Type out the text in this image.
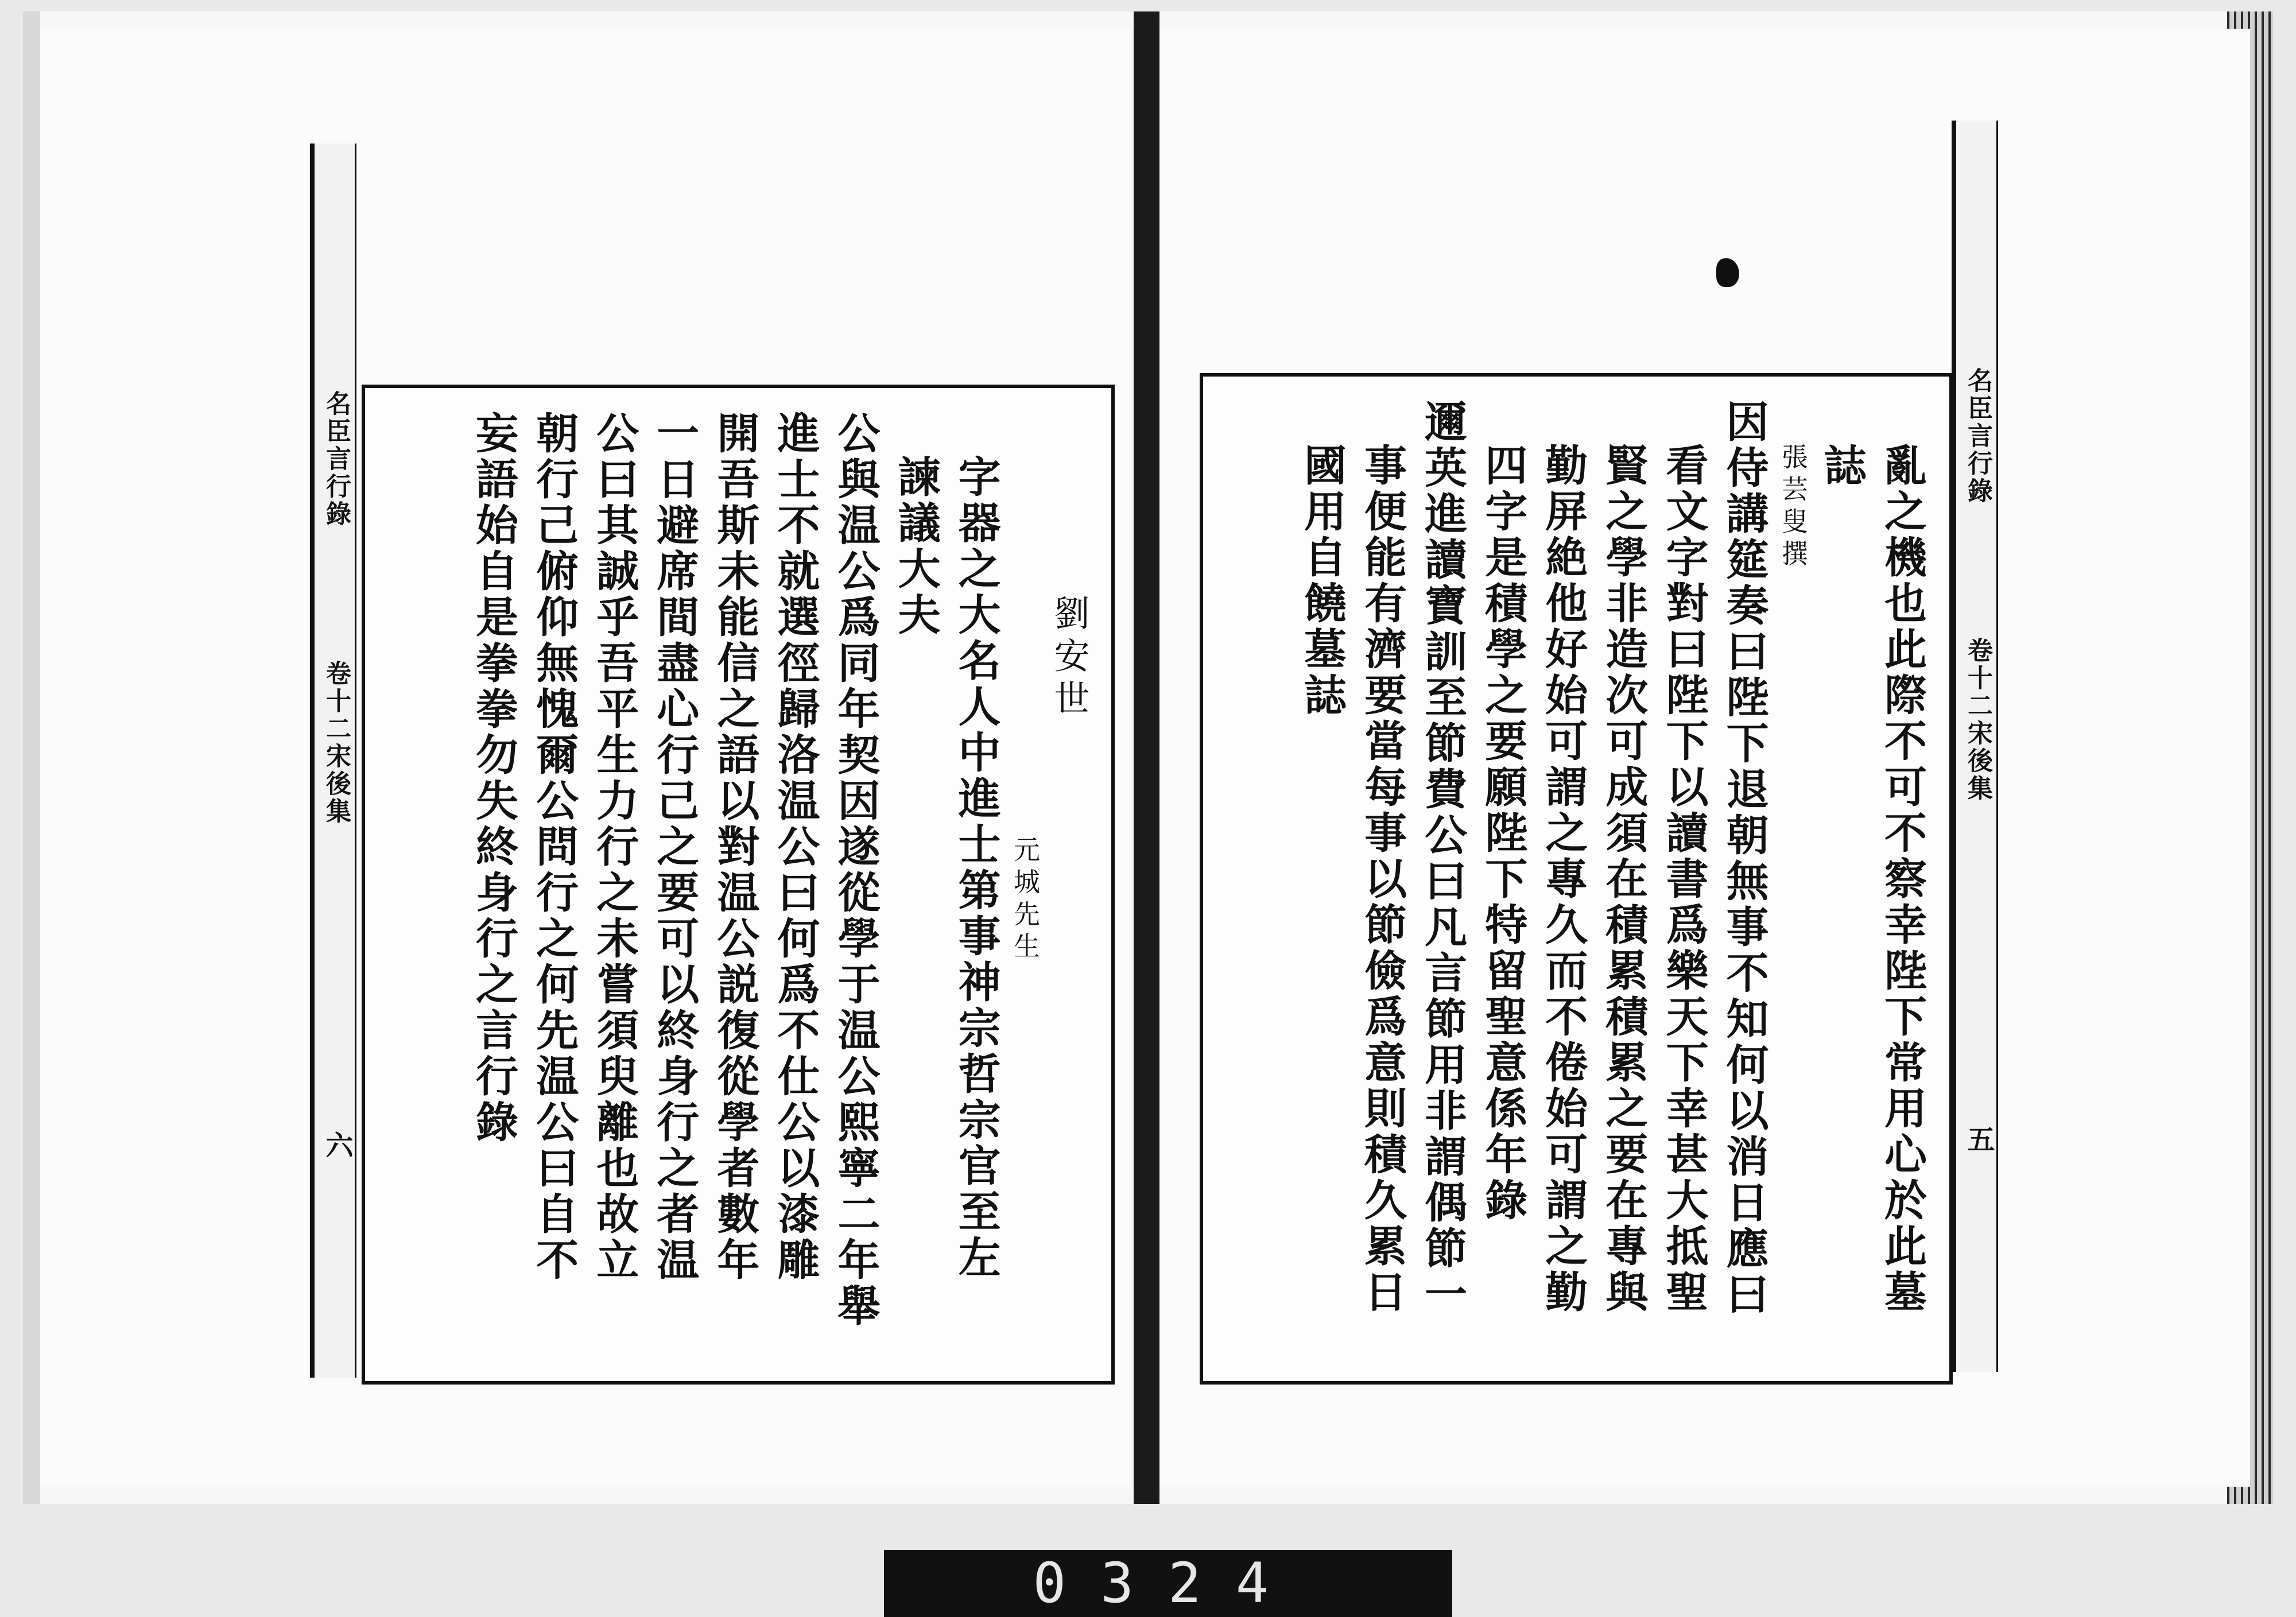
名臣言行錄
卷十二宋後集
六
劉安世
元城先生
字器之大名人中進士第事神宗哲宗官至左
諫議大夫
公與温公爲同年契因遂從學于温公熙寧二年舉
進士不就選徑歸洛温公曰何爲不仕公以漆雕
開吾斯未能信之語以對温公説復從學者數年
一日避席間盡心行己之要可以終身行之者温
公曰其誠乎吾平生力行之未嘗須臾離也故立
朝行己俯仰無愧爾公問行之何先温公曰自不
妄語始自是拳拳勿失終身行之言行錄	名臣言行錄
卷十二宋後集
五
亂之機也此際不可不察幸陛下常用心於此墓誌
張芸叟撰
因侍講筵奏曰陛下退朝無事不知何以消日應曰
看文字對曰陛下以讀書爲樂天下幸甚大抵聖
賢之學非造次可成須在積累積累之要在專與
勤屏絶他好始可謂之專久而不倦始可謂之勤
四字是積學之要願陛下特留聖意係年錄
邇英進讀寶訓至節費公曰凡言節用非謂偶節一
事便能有濟要當每事以節儉爲意則積久累日
國用自饒墓誌
0324
